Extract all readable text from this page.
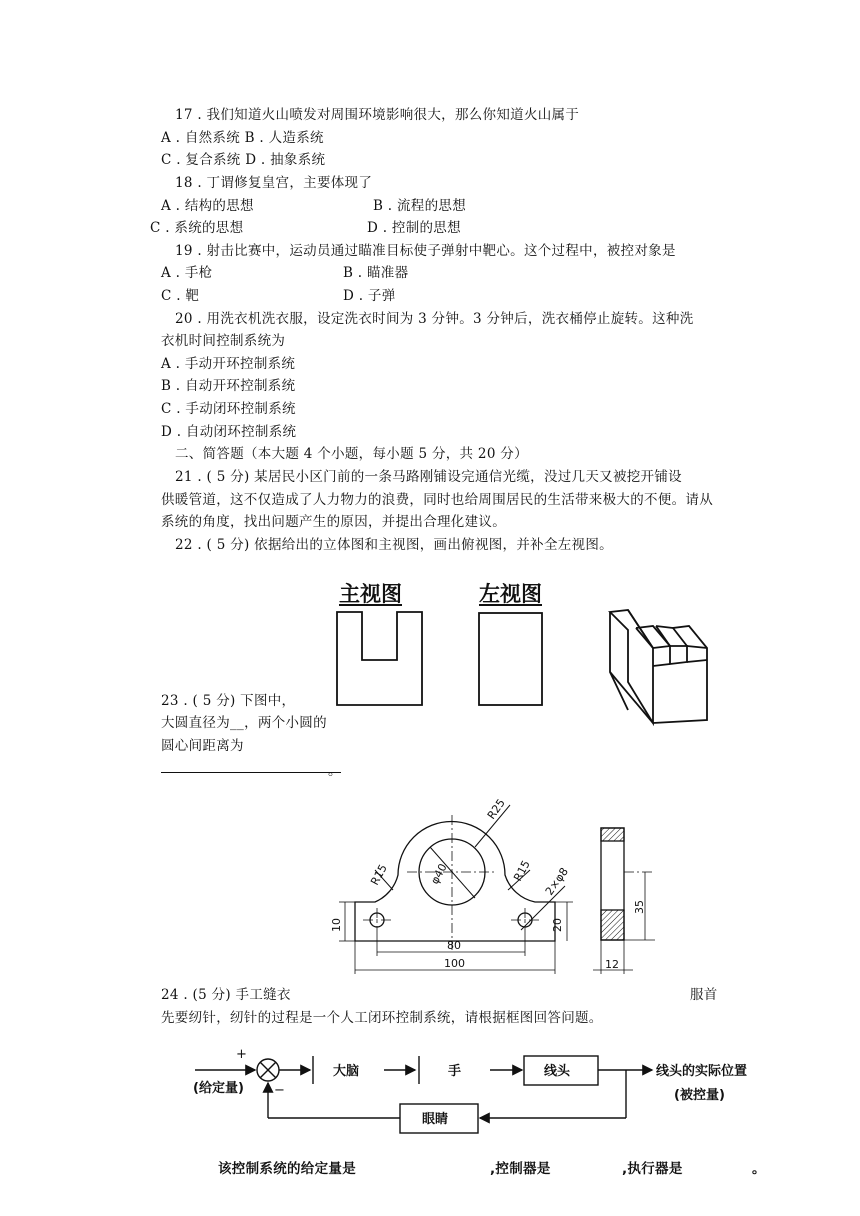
17 . 我们知道火山喷发对周围环境影响很大，那么你知道火山属于
A . 自然系统 B . 人造系统
C . 复合系统 D . 抽象系统
18 . 丁谓修复皇宫，主要体现了
A . 结构的思想	B . 流程的思想
C . 系统的思想	D . 控制的思想
19 . 射击比赛中，运动员通过瞄准目标使子弹射中靶心。这个过程中，被控对象是
A . 手枪	B . 瞄准器
C . 靶	D . 子弹
20 . 用洗衣机洗衣服，设定洗衣时间为 3 分钟。3 分钟后，洗衣桶停止旋转。这种洗
衣机时间控制系统为
A . 手动开环控制系统
B . 自动开环控制系统
C . 手动闭环控制系统
D . 自动闭环控制系统
二、简答题（本大题 4 个小题，每小题 5 分，共 20 分）
21 . ( 5 分) 某居民小区门前的一条马路刚铺设完通信光缆，没过几天又被挖开铺设
供暖管道，这不仅造成了人力物力的浪费，同时也给周围居民的生活带来极大的不便。请从
系统的角度，找出问题产生的原因，并提出合理化建议。
22 . ( 5 分) 依据给出的立体图和主视图，画出俯视图，并补全左视图。
主视图	左视图
23 . ( 5 分) 下图中，
大圆直径为__，两个小圆的
圆心间距离为
。
R25
φ40
R15	R15 2×φ8
10	20
80
100
35
12
24 . (5 分) 手工缝衣	服首
先要纫针，纫针的过程是一个人工闭环控制系统，请根据框图回答问题。
+
−
(给定量)
大脑	手	线头	线头的实际位置
(被控量)
眼睛
该控制系统的给定量是	,控制器是	,执行器是	。
